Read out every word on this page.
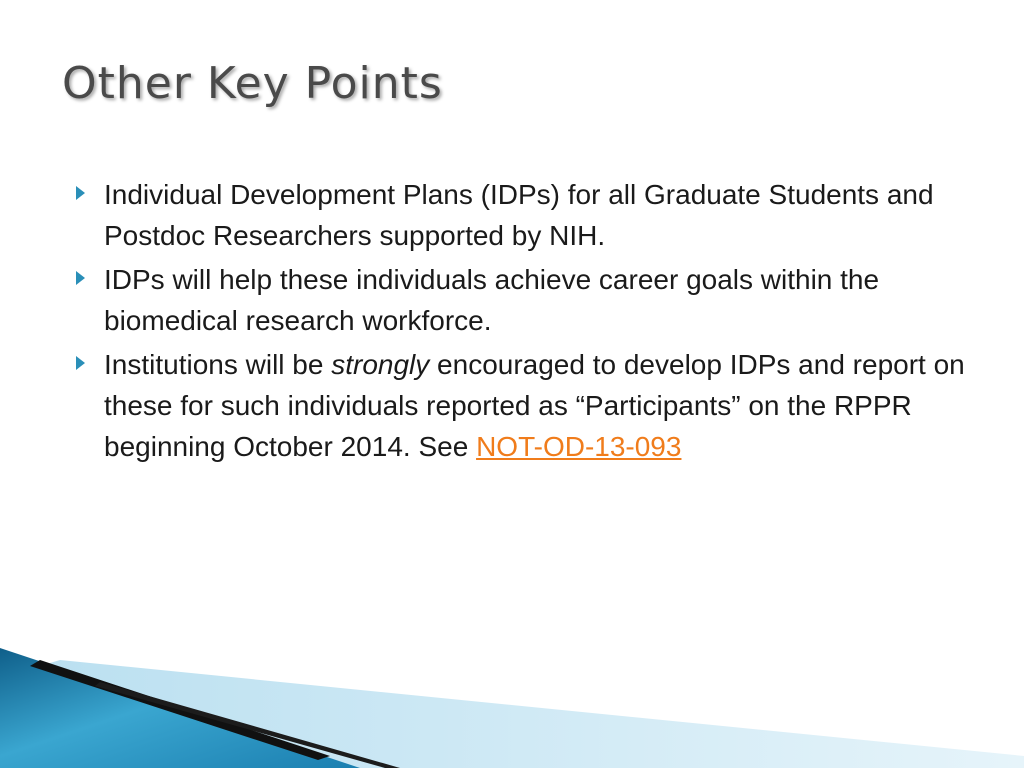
Other Key Points
Individual Development Plans (IDPs) for all Graduate Students and Postdoc Researchers supported by NIH.
IDPs will help these individuals achieve career goals within the biomedical research workforce.
Institutions will be strongly encouraged to develop IDPs and report on these for such individuals reported as “Participants” on the RPPR beginning October 2014. See NOT-OD-13-093
